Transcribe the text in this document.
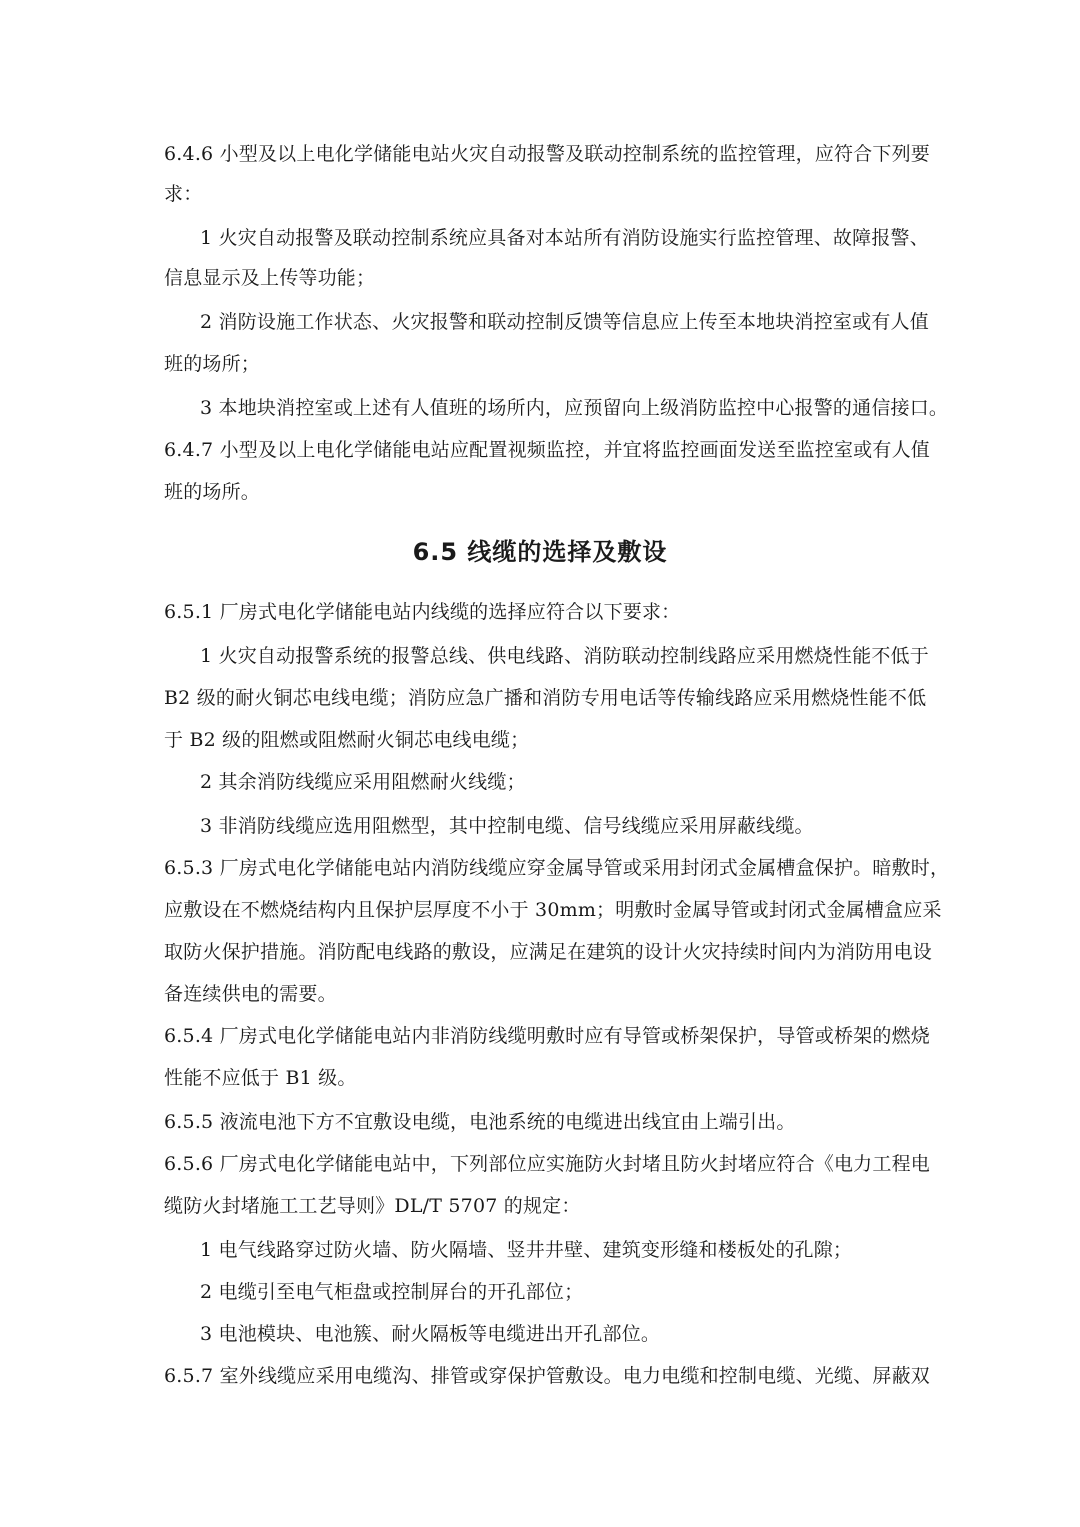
6.4.6 小型及以上电化学储能电站火灾自动报警及联动控制系统的监控管理，应符合下列要
求：
1 火灾自动报警及联动控制系统应具备对本站所有消防设施实行监控管理、故障报警、
信息显示及上传等功能；
2 消防设施工作状态、火灾报警和联动控制反馈等信息应上传至本地块消控室或有人值
班的场所；
3 本地块消控室或上述有人值班的场所内，应预留向上级消防监控中心报警的通信接口。
6.4.7 小型及以上电化学储能电站应配置视频监控，并宜将监控画面发送至监控室或有人值
班的场所。
6.5 线缆的选择及敷设
6.5.1 厂房式电化学储能电站内线缆的选择应符合以下要求：
1 火灾自动报警系统的报警总线、供电线路、消防联动控制线路应采用燃烧性能不低于
B2 级的耐火铜芯电线电缆；消防应急广播和消防专用电话等传输线路应采用燃烧性能不低
于 B2 级的阻燃或阻燃耐火铜芯电线电缆；
2 其余消防线缆应采用阻燃耐火线缆；
3 非消防线缆应选用阻燃型，其中控制电缆、信号线缆应采用屏蔽线缆。
6.5.3 厂房式电化学储能电站内消防线缆应穿金属导管或采用封闭式金属槽盒保护。暗敷时，
应敷设在不燃烧结构内且保护层厚度不小于 30mm；明敷时金属导管或封闭式金属槽盒应采
取防火保护措施。消防配电线路的敷设，应满足在建筑的设计火灾持续时间内为消防用电设
备连续供电的需要。
6.5.4 厂房式电化学储能电站内非消防线缆明敷时应有导管或桥架保护，导管或桥架的燃烧
性能不应低于 B1 级。
6.5.5 液流电池下方不宜敷设电缆，电池系统的电缆进出线宜由上端引出。
6.5.6 厂房式电化学储能电站中，下列部位应实施防火封堵且防火封堵应符合《电力工程电
缆防火封堵施工工艺导则》DL/T 5707 的规定：
1 电气线路穿过防火墙、防火隔墙、竖井井壁、建筑变形缝和楼板处的孔隙；
2 电缆引至电气柜盘或控制屏台的开孔部位；
3 电池模块、电池簇、耐火隔板等电缆进出开孔部位。
6.5.7 室外线缆应采用电缆沟、排管或穿保护管敷设。电力电缆和控制电缆、光缆、屏蔽双
